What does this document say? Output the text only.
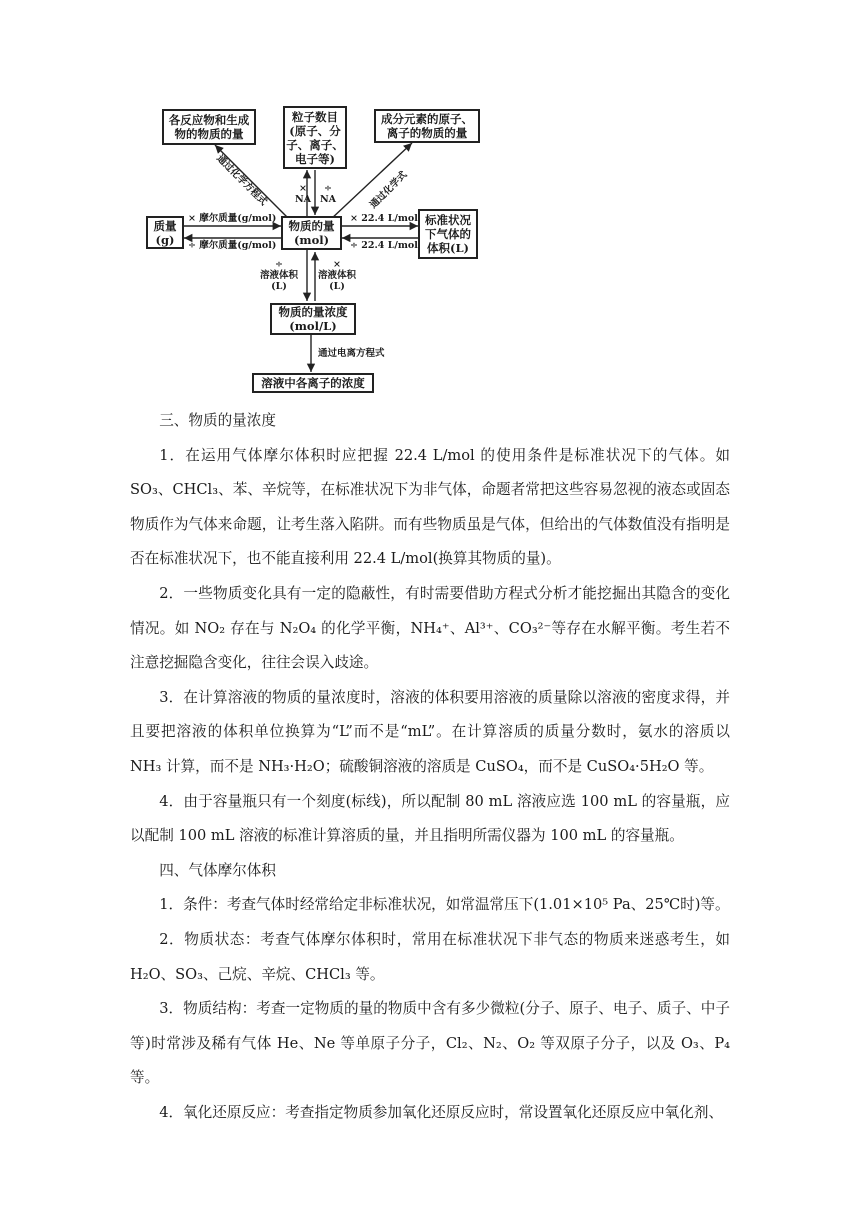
各反应物和生成
物的物质的量
粒子数目
(原子、分
子、离子、
电子等)
成分元素的原子、
离子的物质的量
质量
(g)
物质的量
(mol)
标准状况
下气体的
体积(L)
物质的量浓度
(mol/L)
溶液中各离子的浓度
通过化学方程式	通过化学式
×
NA
÷
NA
× 摩尔质量(g/mol)
÷ 摩尔质量(g/mol)
× 22.4 L/mol
÷ 22.4 L/mol
÷
溶液体积
(L)
×
溶液体积
(L)
通过电离方程式

三、物质的量浓度

1．在运用气体摩尔体积时应把握 22.4 L/mol 的使用条件是标准状况下的气体。如 SO₃、CHCl₃、苯、辛烷等，在标准状况下为非气体，命题者常把这些容易忽视的液态或固态物质作为气体来命题，让考生落入陷阱。而有些物质虽是气体，但给出的气体数值没有指明是否在标准状况下，也不能直接利用 22.4 L/mol(换算其物质的量)。

2．一些物质变化具有一定的隐蔽性，有时需要借助方程式分析才能挖掘出其隐含的变化情况。如 NO₂ 存在与 N₂O₄ 的化学平衡，NH₄⁺、Al³⁺、CO₃²⁻等存在水解平衡。考生若不注意挖掘隐含变化，往往会误入歧途。

3．在计算溶液的物质的量浓度时，溶液的体积要用溶液的质量除以溶液的密度求得，并且要把溶液的体积单位换算为“L”而不是“mL”。在计算溶质的质量分数时，氨水的溶质以 NH₃ 计算，而不是 NH₃·H₂O；硫酸铜溶液的溶质是 CuSO₄，而不是 CuSO₄·5H₂O 等。

4．由于容量瓶只有一个刻度(标线)，所以配制 80 mL 溶液应选 100 mL 的容量瓶，应以配制 100 mL 溶液的标准计算溶质的量，并且指明所需仪器为 100 mL 的容量瓶。

四、气体摩尔体积

1．条件：考查气体时经常给定非标准状况，如常温常压下(1.01×10⁵ Pa、25℃时)等。

2．物质状态：考查气体摩尔体积时，常用在标准状况下非气态的物质来迷惑考生，如 H₂O、SO₃、己烷、辛烷、CHCl₃ 等。

3．物质结构：考查一定物质的量的物质中含有多少微粒(分子、原子、电子、质子、中子等)时常涉及稀有气体 He、Ne 等单原子分子，Cl₂、N₂、O₂ 等双原子分子，以及 O₃、P₄ 等。

4．氧化还原反应：考查指定物质参加氧化还原反应时，常设置氧化还原反应中氧化剂、
